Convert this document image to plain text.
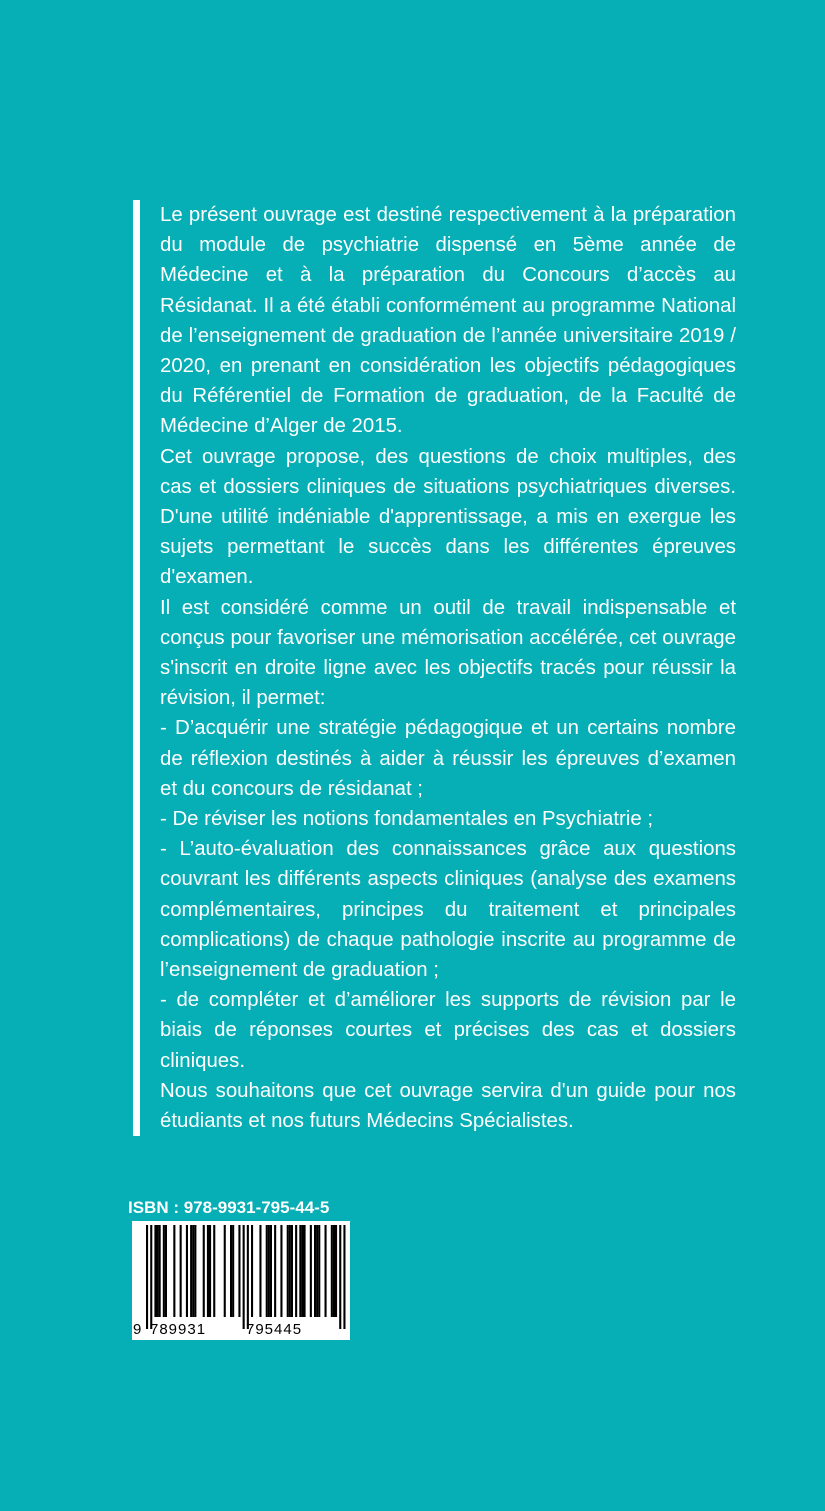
Le présent ouvrage est destiné respectivement à la préparation du module de psychiatrie dispensé en 5ème année de Médecine et à la préparation du Concours d’accès au Résidanat. Il a été établi conformément au programme National de l’enseignement de graduation de l’année universitaire 2019 / 2020, en prenant en considération les objectifs pédagogiques du Référentiel de Formation de graduation, de la Faculté de Médecine d’Alger de 2015.

Cet ouvrage propose, des questions de choix multiples, des cas et dossiers cliniques de situations psychiatriques diverses. D'une utilité indéniable d'apprentissage, a mis en exergue les sujets permettant le succès dans les différentes épreuves d'examen.

Il est considéré comme un outil de travail indispensable et conçus pour favoriser une mémorisation accélérée, cet ouvrage s'inscrit en droite ligne avec les objectifs tracés pour réussir la révision, il permet:

- D’acquérir une stratégie pédagogique et un certains nombre de réflexion destinés à aider à réussir les épreuves d’examen et du concours de résidanat ;

- De réviser les notions fondamentales en Psychiatrie ;

- L’auto-évaluation des connaissances grâce aux questions couvrant les différents aspects cliniques (analyse des examens complémentaires, principes du traitement et principales complications) de chaque pathologie inscrite au programme de l’enseignement de graduation ;

- de compléter et d’améliorer les supports de révision par le biais de réponses courtes et précises des cas et dossiers cliniques.

Nous souhaitons que cet ouvrage servira d'un guide pour nos étudiants et nos futurs Médecins Spécialistes.

ISBN : 978-9931-795-44-5
9 789931	795445
